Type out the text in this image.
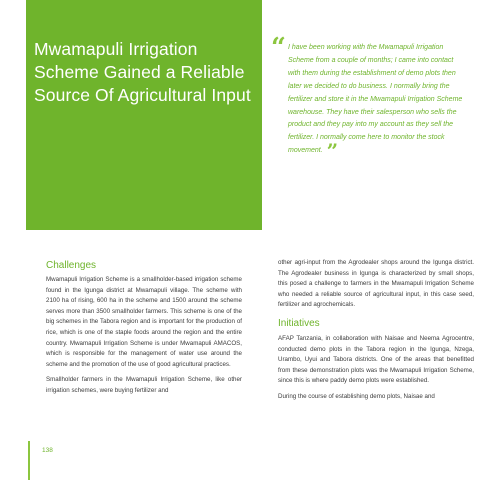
Mwamapuli Irrigation Scheme Gained a Reliable Source Of Agricultural Input
“ I have been working with the Mwamapuli Irrigation Scheme from a couple of months; I came into contact with them during the establishment of demo plots then later we decided to do business. I normally bring the fertilizer and store it in the Mwamapuli Irrigation Scheme warehouse. They have their salesperson who sells the product and they pay into my account as they sell the fertilizer. I normally come here to monitor the stock movement. ”
Challenges

Mwamapuli Irrigation Scheme is a smallholder-based irrigation scheme found in the Igunga district at Mwamapuli village. The scheme with 2100 ha of rising, 600 ha in the scheme and 1500 around the scheme serves more than 3500 smallholder farmers. This scheme is one of the big schemes in the Tabora region and is important for the production of rice, which is one of the staple foods around the region and the entire country. Mwamapuli Irrigation Scheme is under Mwamapuli AMACOS, which is responsible for the management of water use around the scheme and the promotion of the use of good agricultural practices.

Smallholder farmers in the Mwamapuli Irrigation Scheme, like other irrigation schemes, were buying fertilizer and

other agri-input from the Agrodealer shops around the Igunga district. The Agrodealer business in Igunga is characterized by small shops, this posed a challenge to farmers in the Mwamapuli Irrigation Scheme who needed a reliable source of agricultural input, in this case seed, fertilizer and agrochemicals.

Initiatives

AFAP Tanzania, in collaboration with Naisae and Neema Agrocentre, conducted demo plots in the Tabora region in the Igunga, Nzega, Urambo, Uyui and Tabora districts. One of the areas that benefitted from these demonstration plots was the Mwamapuli Irrigation Scheme, since this is where paddy demo plots were established.

During the course of establishing demo plots, Naisae and

138
